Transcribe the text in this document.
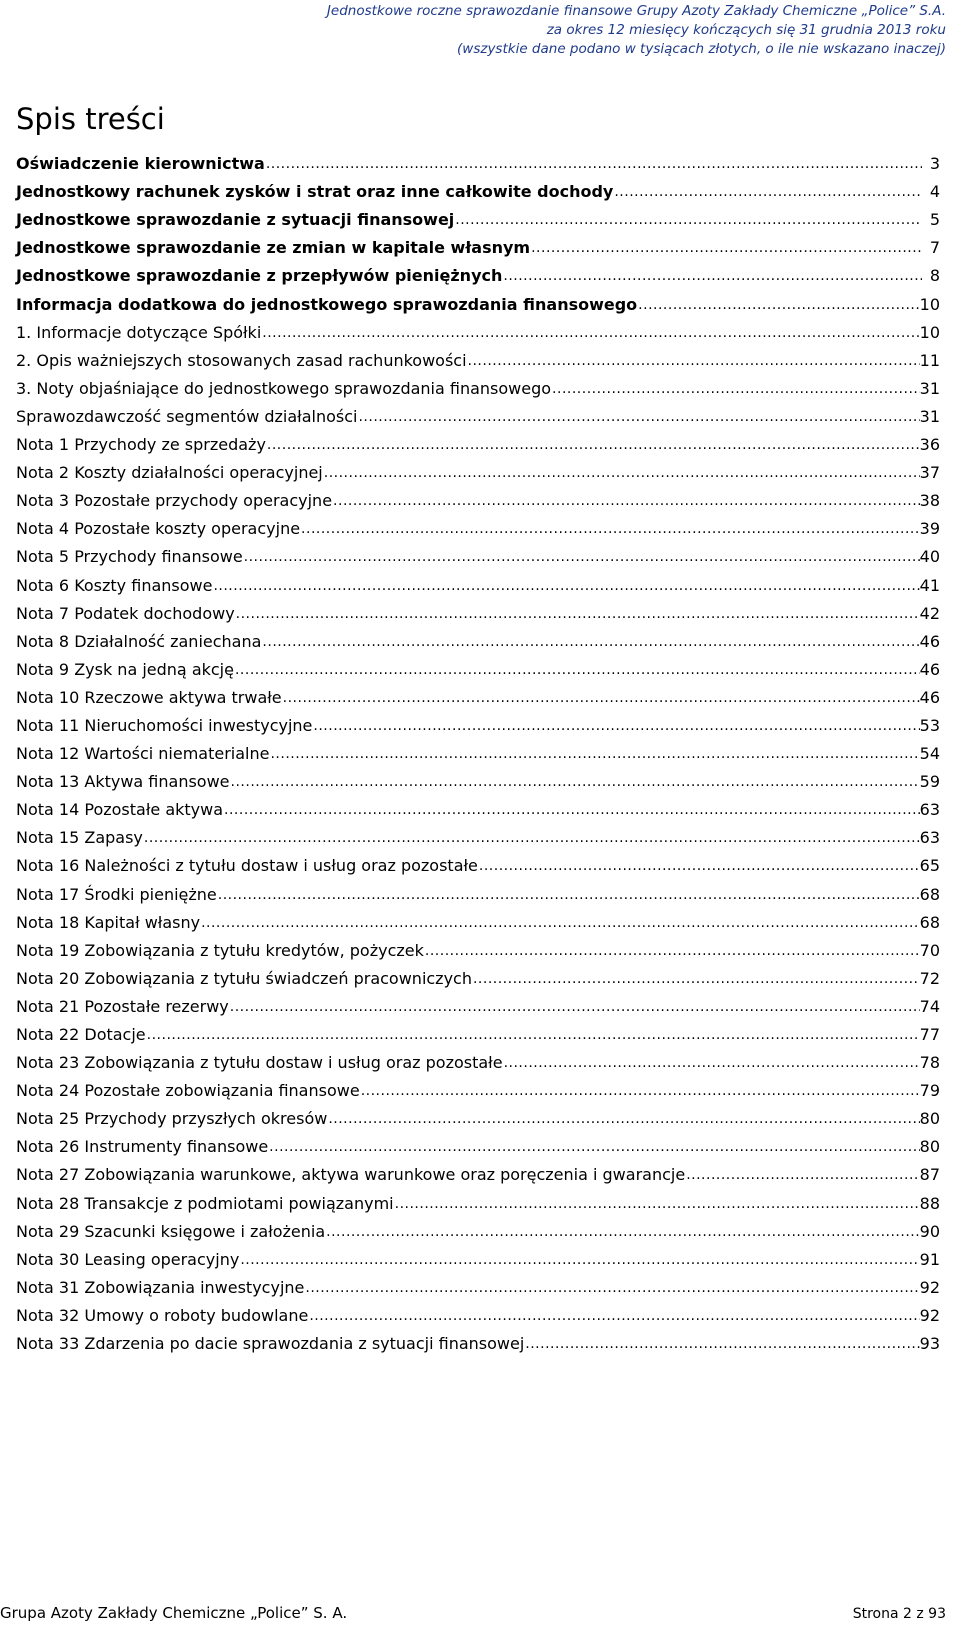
Jednostkowe roczne sprawozdanie finansowe Grupy Azoty Zakłady Chemiczne „Police” S.A.
za okres 12 miesięcy kończących się 31 grudnia 2013 roku
(wszystkie dane podano w tysiącach złotych, o ile nie wskazano inaczej)
Spis treści
Oświadczenie kierownictwa .....	3
Jednostkowy rachunek zysków i strat oraz inne całkowite dochody .....	4
Jednostkowe sprawozdanie z sytuacji finansowej .....	5
Jednostkowe sprawozdanie ze zmian w kapitale własnym .....	7
Jednostkowe sprawozdanie z przepływów pieniężnych .....	8
Informacja dodatkowa do jednostkowego sprawozdania finansowego .....	10
1. Informacje dotyczące Spółki .....	10
2. Opis ważniejszych stosowanych zasad rachunkowości .....	11
3. Noty objaśniające do jednostkowego sprawozdania finansowego .....	31
Sprawozdawczość segmentów działalności .....	31
Nota 1 Przychody ze sprzedaży .....	36
Nota 2 Koszty działalności operacyjnej .....	37
Nota 3 Pozostałe przychody operacyjne .....	38
Nota 4 Pozostałe koszty operacyjne .....	39
Nota 5 Przychody finansowe .....	40
Nota 6 Koszty finansowe .....	41
Nota 7 Podatek dochodowy .....	42
Nota 8 Działalność zaniechana .....	46
Nota 9 Zysk na jedną akcję .....	46
Nota 10 Rzeczowe aktywa trwałe .....	46
Nota 11 Nieruchomości inwestycyjne .....	53
Nota 12 Wartości niematerialne .....	54
Nota 13 Aktywa finansowe .....	59
Nota 14 Pozostałe aktywa .....	63
Nota 15 Zapasy .....	63
Nota 16 Należności z tytułu dostaw i usług oraz pozostałe .....	65
Nota 17 Środki pieniężne .....	68
Nota 18 Kapitał własny .....	68
Nota 19 Zobowiązania z tytułu kredytów, pożyczek .....	70
Nota 20 Zobowiązania z tytułu świadczeń pracowniczych .....	72
Nota 21 Pozostałe rezerwy .....	74
Nota 22 Dotacje .....	77
Nota 23 Zobowiązania z tytułu dostaw i usług oraz pozostałe .....	78
Nota 24 Pozostałe zobowiązania finansowe .....	79
Nota 25 Przychody przyszłych okresów .....	80
Nota 26 Instrumenty finansowe .....	80
Nota 27 Zobowiązania warunkowe, aktywa warunkowe oraz poręczenia i gwarancje .....	87
Nota 28 Transakcje z podmiotami powiązanymi .....	88
Nota 29 Szacunki księgowe i założenia .....	90
Nota 30 Leasing operacyjny .....	91
Nota 31 Zobowiązania inwestycyjne .....	92
Nota 32 Umowy o roboty budowlane .....	92
Nota 33 Zdarzenia po dacie sprawozdania z sytuacji finansowej .....	93
Grupa Azoty Zakłady Chemiczne „Police” S. A.	Strona 2 z 93
